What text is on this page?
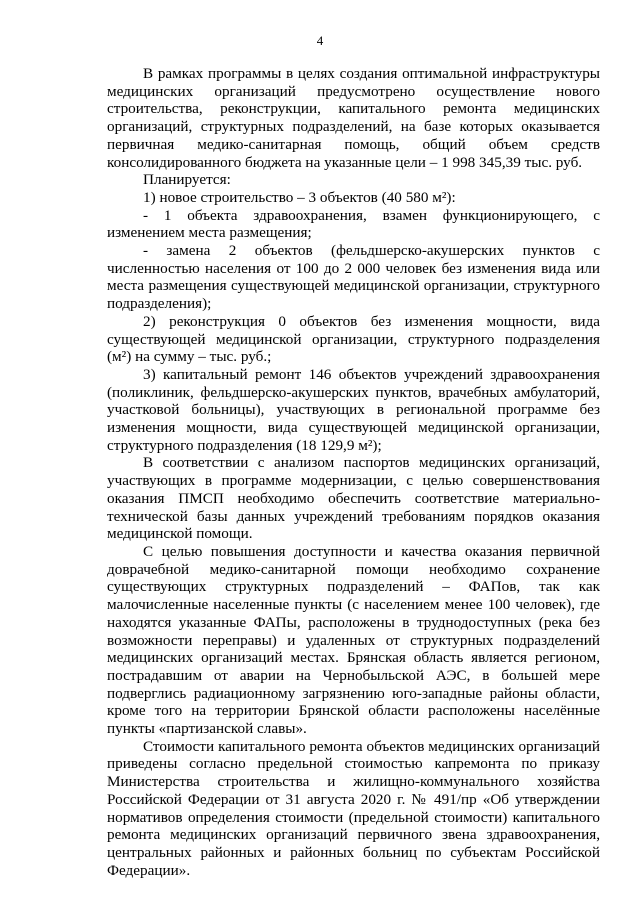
4

В рамках программы в целях создания оптимальной инфраструктуры медицинских организаций предусмотрено осуществление нового строительства, реконструкции, капитального ремонта медицинских организаций, структурных подразделений, на базе которых оказывается первичная медико-санитарная помощь, общий объем средств консолидированного бюджета на указанные цели – 1 998 345,39 тыс. руб.

Планируется:

1) новое строительство – 3 объектов (40 580 м²):

- 1 объекта здравоохранения, взамен функционирующего, с изменением места размещения;

- замена 2 объектов (фельдшерско-акушерских пунктов с численностью населения от 100 до 2 000 человек без изменения вида или места размещения существующей медицинской организации, структурного подразделения);

2) реконструкция 0 объектов без изменения мощности, вида существующей медицинской организации, структурного подразделения (м²) на сумму – тыс. руб.;

3) капитальный ремонт 146 объектов учреждений здравоохранения (поликлиник, фельдшерско-акушерских пунктов, врачебных амбулаторий, участковой больницы), участвующих в региональной программе без изменения мощности, вида существующей медицинской организации, структурного подразделения (18 129,9 м²);

В соответствии с анализом паспортов медицинских организаций, участвующих в программе модернизации, с целью совершенствования оказания ПМСП необходимо обеспечить соответствие материально-технической базы данных учреждений требованиям порядков оказания медицинской помощи.

С целью повышения доступности и качества оказания первичной доврачебной медико-санитарной помощи необходимо сохранение существующих структурных подразделений – ФАПов, так как малочисленные населенные пункты (с населением менее 100 человек), где находятся указанные ФАПы, расположены в труднодоступных (река без возможности переправы) и удаленных от структурных подразделений медицинских организаций местах. Брянская область является регионом, пострадавшим от аварии на Чернобыльской АЭС, в большей мере подверглись радиационному загрязнению юго-западные районы области, кроме того на территории Брянской области расположены населённые пункты «партизанской славы».

Стоимости капитального ремонта объектов медицинских организаций приведены согласно предельной стоимостью капремонта по приказу Министерства строительства и жилищно-коммунального хозяйства Российской Федерации от 31 августа 2020 г. № 491/пр «Об утверждении нормативов определения стоимости (предельной стоимости) капитального ремонта медицинских организаций первичного звена здравоохранения, центральных районных и районных больниц по субъектам Российской Федерации».
